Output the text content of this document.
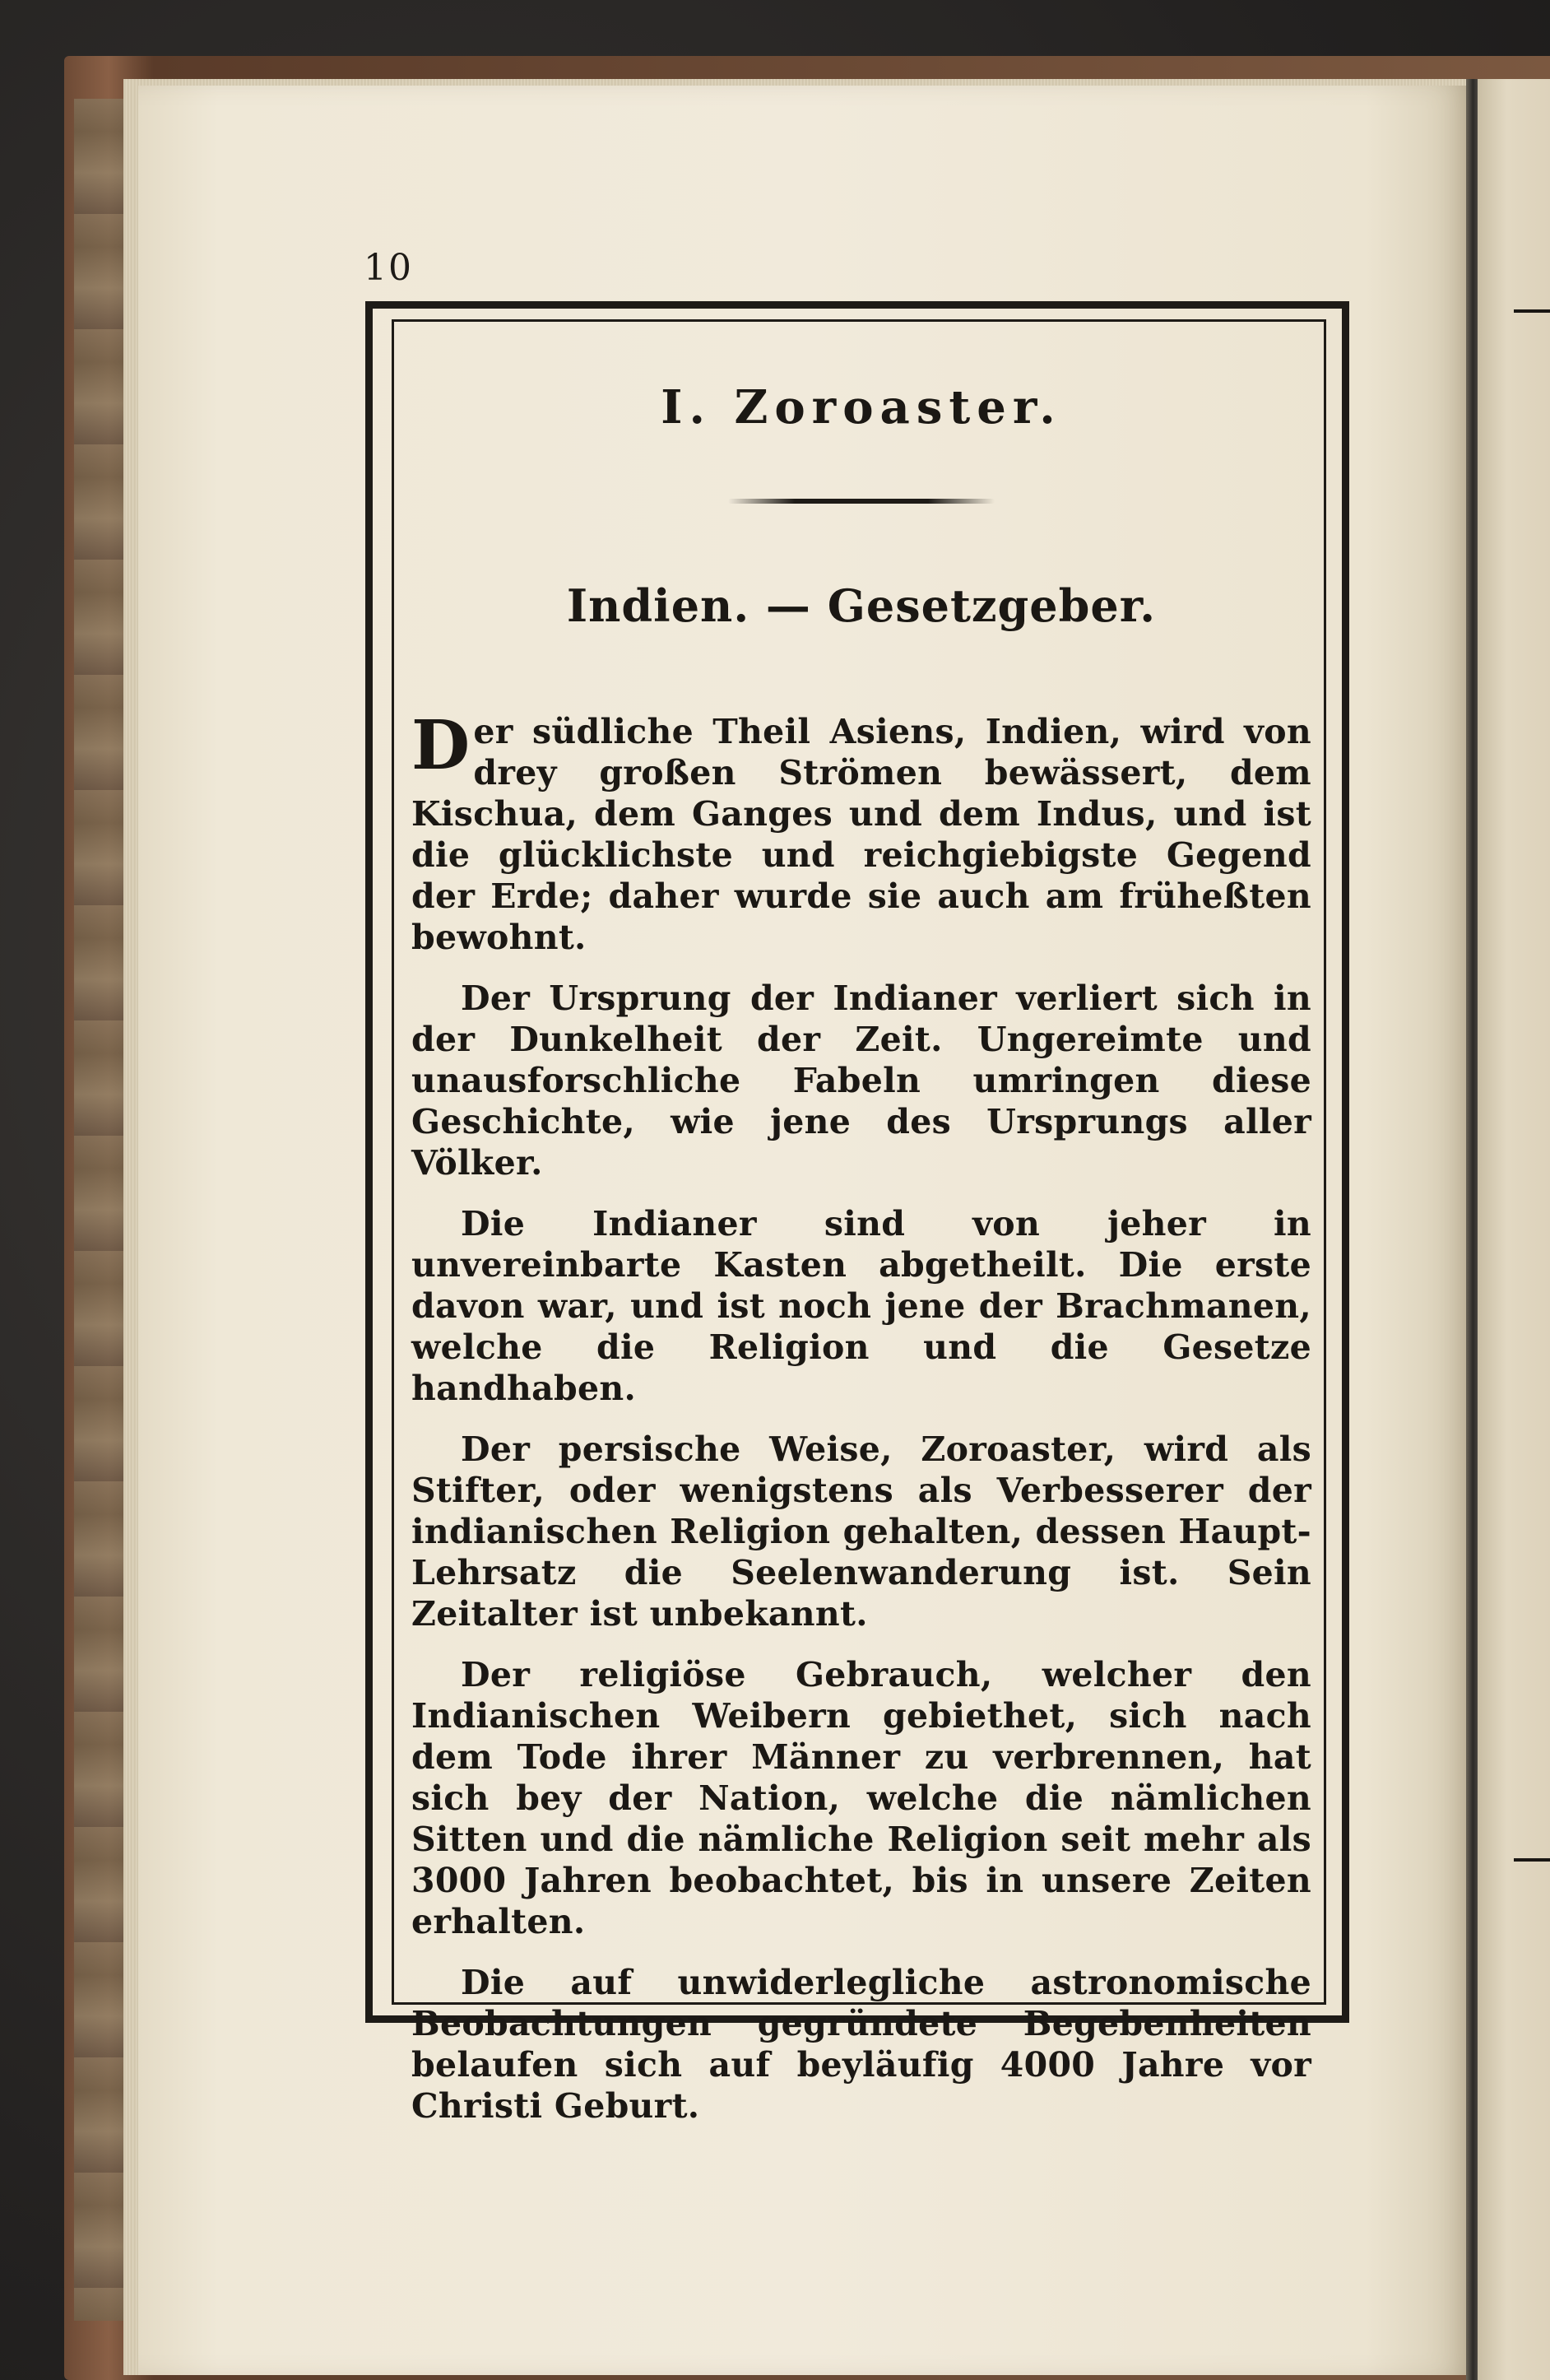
10
I. Zoroaster.
Indien. — Gesetzgeber.

Der südliche Theil Asiens, Indien, wird von drey großen Strömen bewässert, dem Kischua, dem Ganges und dem Indus, und ist die glücklichste und reichgiebigste Gegend der Erde; daher wurde sie auch am früheßten bewohnt.

Der Ursprung der Indianer verliert sich in der Dunkelheit der Zeit. Ungereimte und unausforschliche Fabeln umringen diese Geschichte, wie jene des Ursprungs aller Völker.

Die Indianer sind von jeher in unvereinbarte Kasten abgetheilt. Die erste davon war, und ist noch jene der Brachmanen, welche die Religion und die Gesetze handhaben.

Der persische Weise, Zoroaster, wird als Stifter, oder wenigstens als Verbesserer der indianischen Religion gehalten, dessen Haupt-Lehrsatz die Seelenwanderung ist. Sein Zeitalter ist unbekannt.

Der religiöse Gebrauch, welcher den Indianischen Weibern gebiethet, sich nach dem Tode ihrer Männer zu verbrennen, hat sich bey der Nation, welche die nämlichen Sitten und die nämliche Religion seit mehr als 3000 Jahren beobachtet, bis in unsere Zeiten erhalten.

Die auf unwiderlegliche astronomische Beobachtungen gegründete Begebenheiten belaufen sich auf beyläufig 4000 Jahre vor Christi Geburt.
